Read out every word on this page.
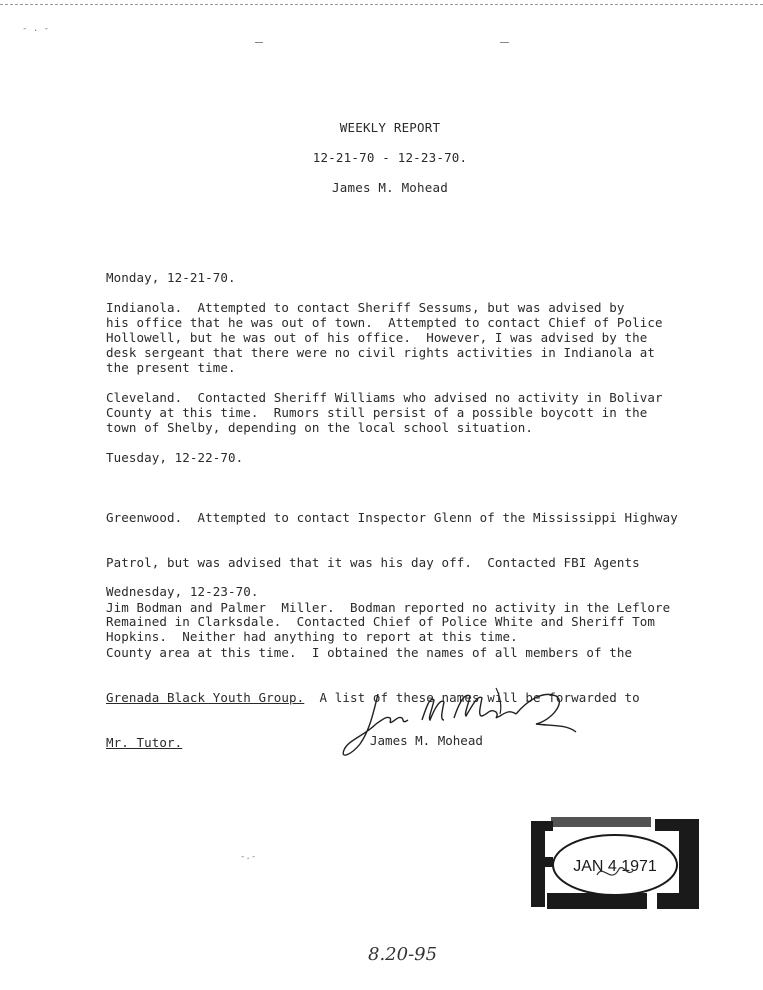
- . -
-.-
WEEKLY REPORT
12-21-70 - 12-23-70.
James M. Mohead
Monday, 12-21-70.
Indianola.  Attempted to contact Sheriff Sessums, but was advised by
his office that he was out of town.  Attempted to contact Chief of Police
Hollowell, but he was out of his office.  However, I was advised by the
desk sergeant that there were no civil rights activities in Indianola at
the present time.
Cleveland.  Contacted Sheriff Williams who advised no activity in Bolivar
County at this time.  Rumors still persist of a possible boycott in the
town of Shelby, depending on the local school situation.
Tuesday, 12-22-70.

Greenwood.  Attempted to contact Inspector Glenn of the Mississippi Highway

Patrol, but was advised that it was his day off.  Contacted FBI Agents

Jim Bodman and Palmer  Miller.  Bodman reported no activity in the Leflore

County area at this time.  I obtained the names of all members of the

Grenada Black Youth Group.  A list of these names will be forwarded to

Mr. Tutor.

Wednesday, 12-23-70.
Remained in Clarksdale.  Contacted Chief of Police White and Sheriff Tom
Hopkins.  Neither had anything to report at this time.
James M. Mohead
JAN 4 1971
8.20-95
